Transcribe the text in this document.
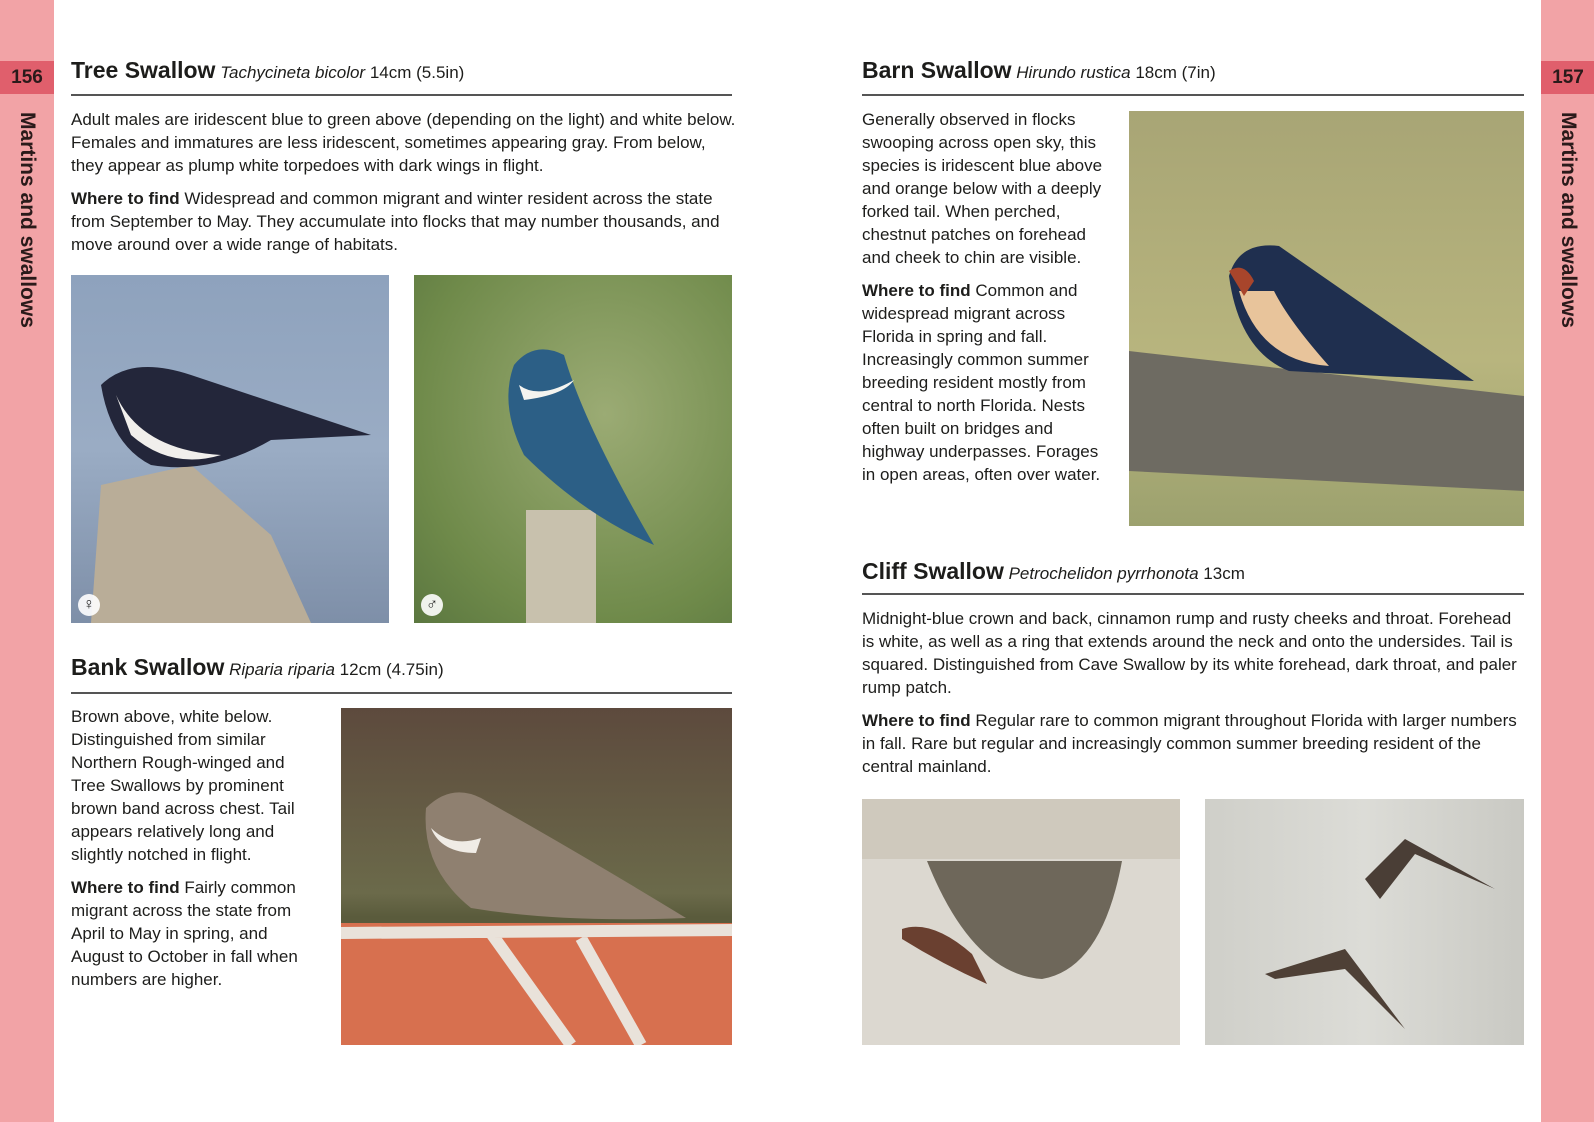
156
Martins and swallows
157
Martins and swallows
Tree Swallow Tachycineta bicolor 14cm (5.5in)

Adult males are iridescent blue to green above (depending on the light) and white below. Females and immatures are less iridescent, sometimes appearing gray. From below, they appear as plump white torpedoes with dark wings in flight.

Where to find Widespread and common migrant and winter resident across the state from September to May. They accumulate into flocks that may number thousands, and move around over a wide range of habitats.

♀	♂
Bank Swallow Riparia riparia 12cm (4.75in)

Brown above, white below. Distinguished from similar Northern Rough-winged and Tree Swallows by prominent brown band across chest. Tail appears relatively long and slightly notched in flight.

Where to find Fairly common migrant across the state from April to May in spring, and August to October in fall when numbers are higher.

Barn Swallow Hirundo rustica 18cm (7in)

Generally observed in flocks swooping across open sky, this species is iridescent blue above and orange below with a deeply forked tail. When perched, chestnut patches on forehead and cheek to chin are visible.

Where to find Common and widespread migrant across Florida in spring and fall. Increasingly common summer breeding resident mostly from central to north Florida. Nests often built on bridges and highway underpasses. Forages in open areas, often over water.

Cliff Swallow Petrochelidon pyrrhonota 13cm

Midnight-blue crown and back, cinnamon rump and rusty cheeks and throat. Forehead is white, as well as a ring that extends around the neck and onto the undersides. Tail is squared. Distinguished from Cave Swallow by its white forehead, dark throat, and paler rump patch.

Where to find Regular rare to common migrant throughout Florida with larger numbers in fall. Rare but regular and increasingly common summer breeding resident of the central mainland.
